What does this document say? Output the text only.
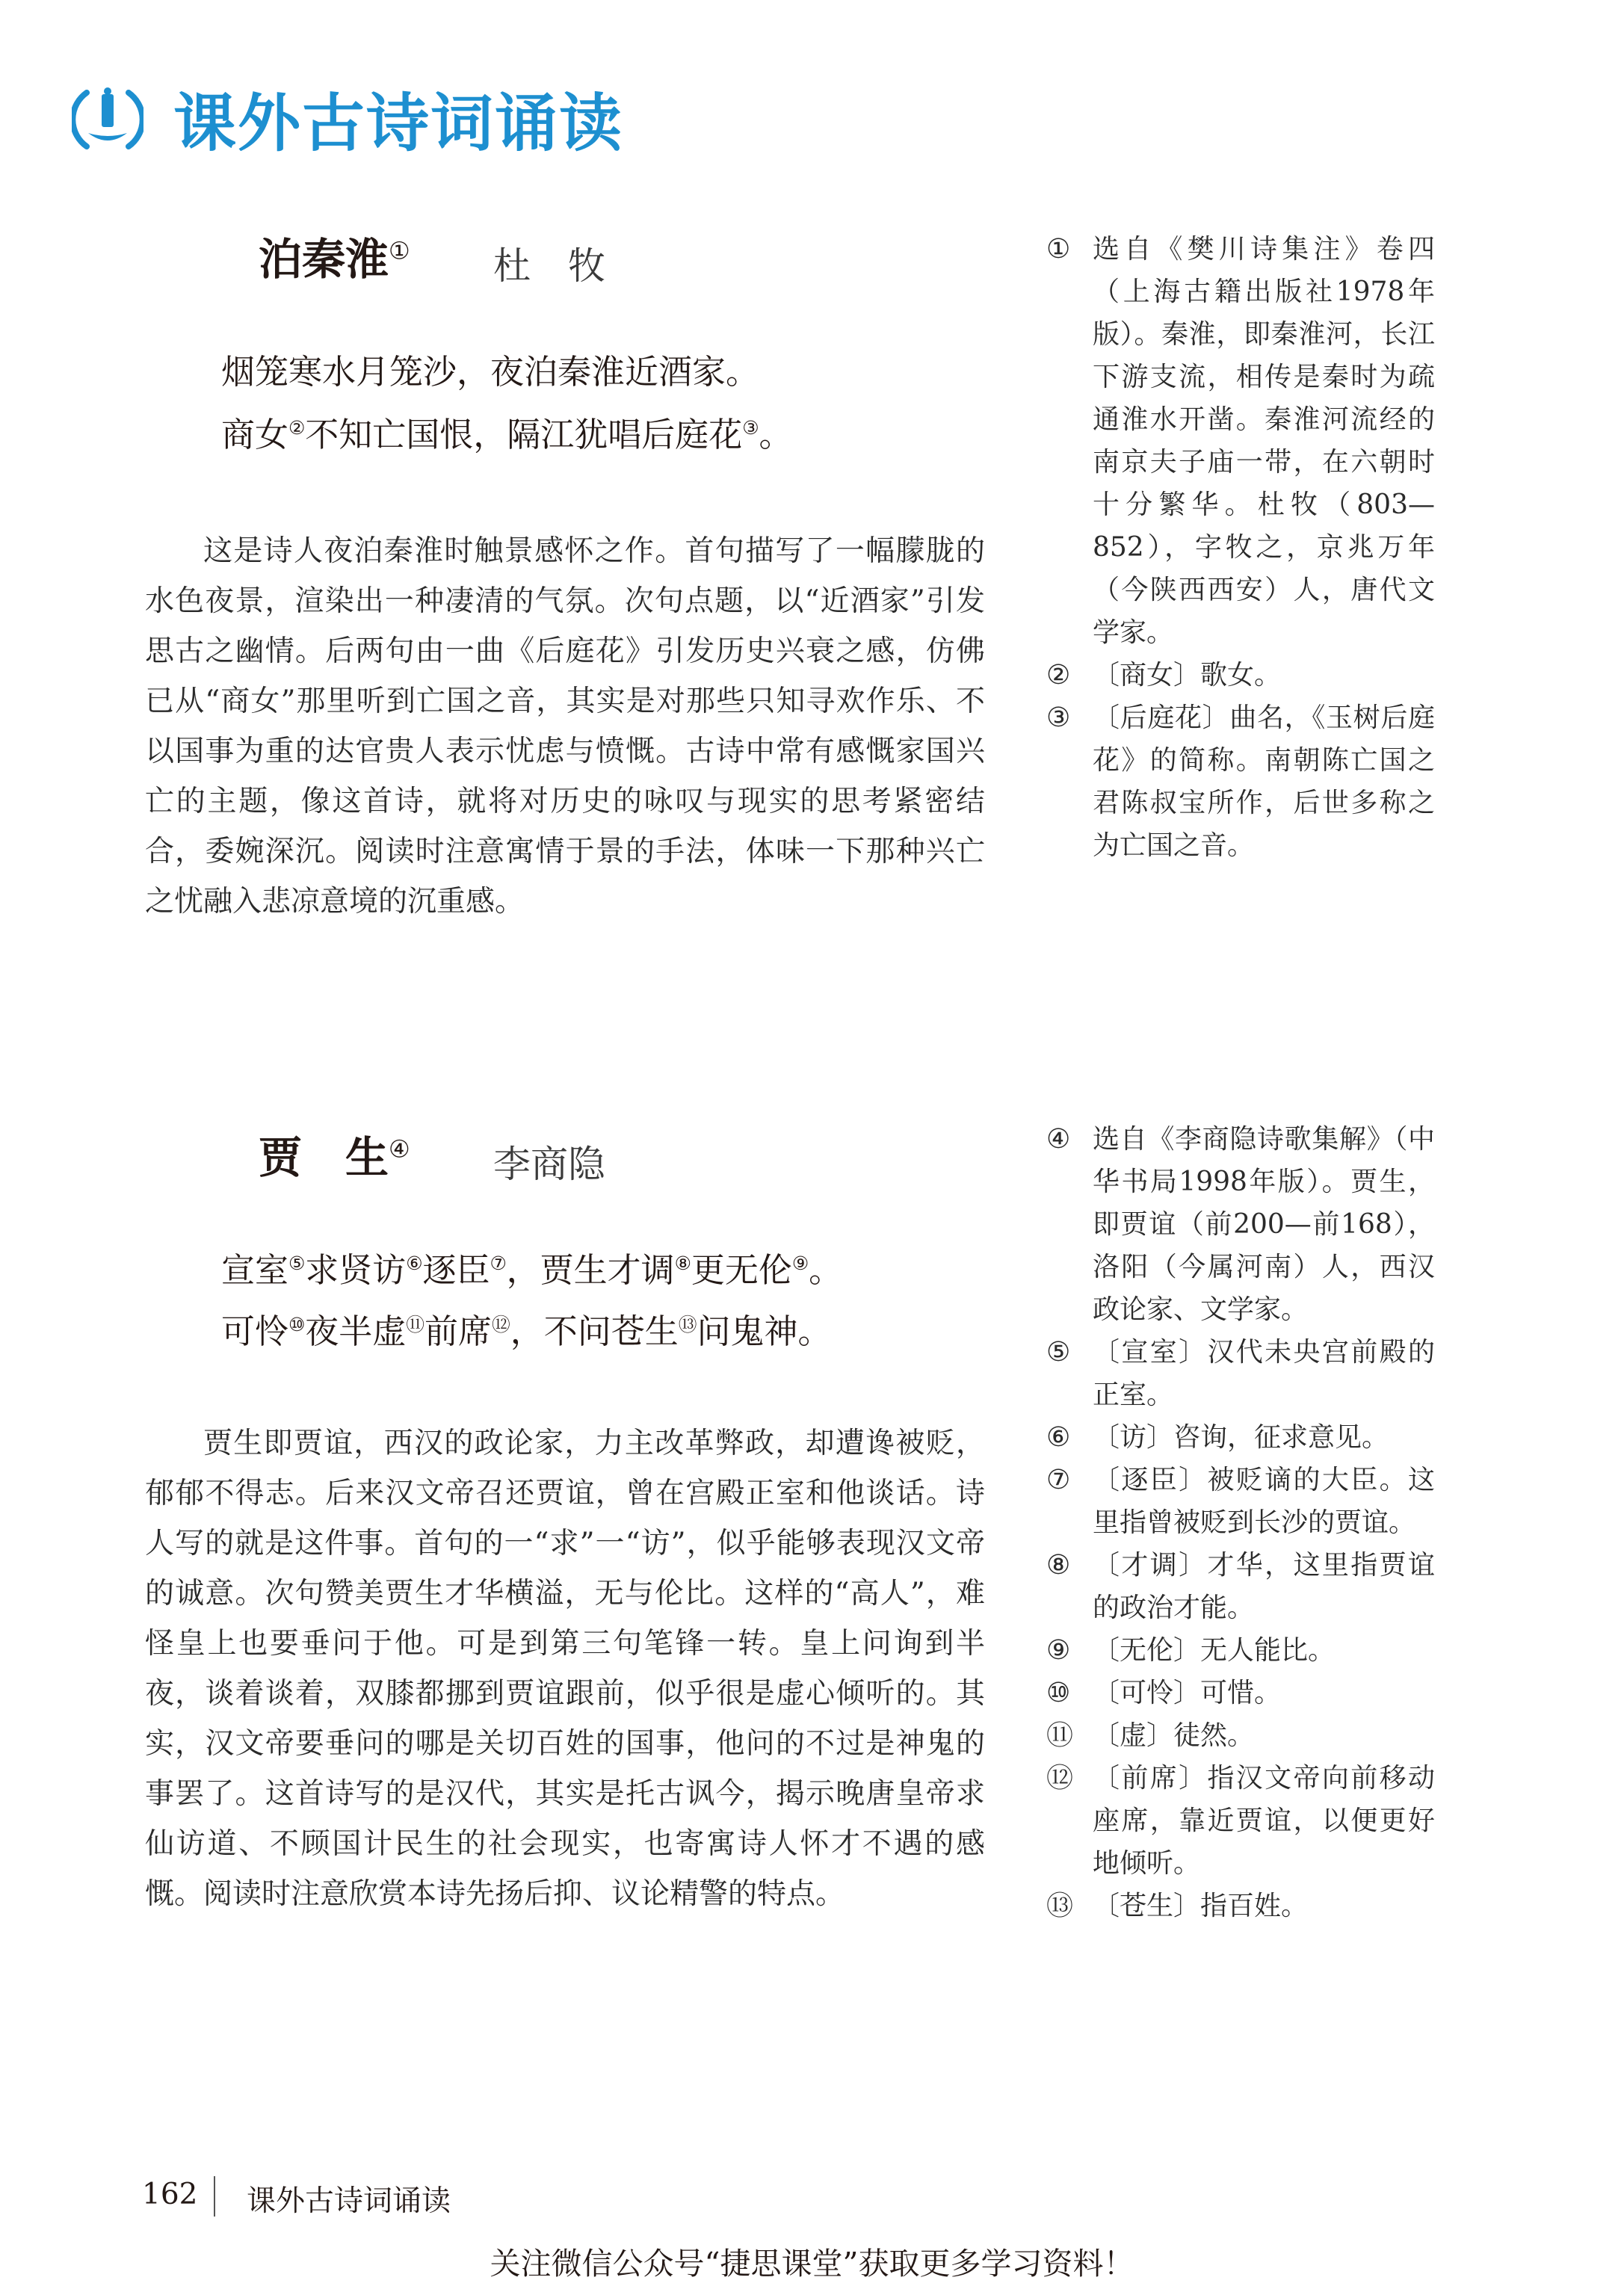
课外古诗词诵读
泊秦淮① 杜　牧
烟笼寒水月笼沙，夜泊秦淮近酒家。
商女②不知亡国恨，隔江犹唱后庭花③。
这是诗人夜泊秦淮时触景感怀之作。首句描写了一幅朦胧的水色夜景，渲染出一种凄清的气氛。次句点题，以“近酒家”引发思古之幽情。后两句由一曲《后庭花》引发历史兴衰之感，仿佛已从“商女”那里听到亡国之音，其实是对那些只知寻欢作乐、不以国事为重的达官贵人表示忧虑与愤慨。古诗中常有感慨家国兴亡的主题，像这首诗，就将对历史的咏叹与现实的思考紧密结合，委婉深沉。阅读时注意寓情于景的手法，体味一下那种兴亡之忧融入悲凉意境的沉重感。
① 选自《樊川诗集注》卷四（上海古籍出版社1978年版）。秦淮，即秦淮河，长江下游支流，相传是秦时为疏通淮水开凿。秦淮河流经的南京夫子庙一带，在六朝时十分繁华。杜牧（803—852），字牧之，京兆万年（今陕西西安）人，唐代文学家。
② 〔商女〕歌女。
③ 〔后庭花〕曲名，《玉树后庭花》的简称。南朝陈亡国之君陈叔宝所作，后世多称之为亡国之音。
贾　生④ 李商隐
宣室⑤求贤访⑥逐臣⑦，贾生才调⑧更无伦⑨。
可怜⑩夜半虚⑪前席⑫，不问苍生⑬问鬼神。
贾生即贾谊，西汉的政论家，力主改革弊政，却遭谗被贬，郁郁不得志。后来汉文帝召还贾谊，曾在宫殿正室和他谈话。诗人写的就是这件事。首句的一“求”一“访”，似乎能够表现汉文帝的诚意。次句赞美贾生才华横溢，无与伦比。这样的“高人”，难怪皇上也要垂问于他。可是到第三句笔锋一转。皇上问询到半夜，谈着谈着，双膝都挪到贾谊跟前，似乎很是虚心倾听的。其实，汉文帝要垂问的哪是关切百姓的国事，他问的不过是神鬼的事罢了。这首诗写的是汉代，其实是托古讽今，揭示晚唐皇帝求仙访道、不顾国计民生的社会现实，也寄寓诗人怀才不遇的感慨。阅读时注意欣赏本诗先扬后抑、议论精警的特点。
④ 选自《李商隐诗歌集解》（中华书局1998年版）。贾生，即贾谊（前200—前168），洛阳（今属河南）人，西汉政论家、文学家。
⑤ 〔宣室〕汉代未央宫前殿的正室。
⑥ 〔访〕咨询，征求意见。
⑦ 〔逐臣〕被贬谪的大臣。这里指曾被贬到长沙的贾谊。
⑧ 〔才调〕才华，这里指贾谊的政治才能。
⑨ 〔无伦〕无人能比。
⑩ 〔可怜〕可惜。
⑪ 〔虚〕徒然。
⑫ 〔前席〕指汉文帝向前移动座席，靠近贾谊，以便更好地倾听。
⑬ 〔苍生〕指百姓。
162 课外古诗词诵读
关注微信公众号“捷思课堂”获取更多学习资料！
